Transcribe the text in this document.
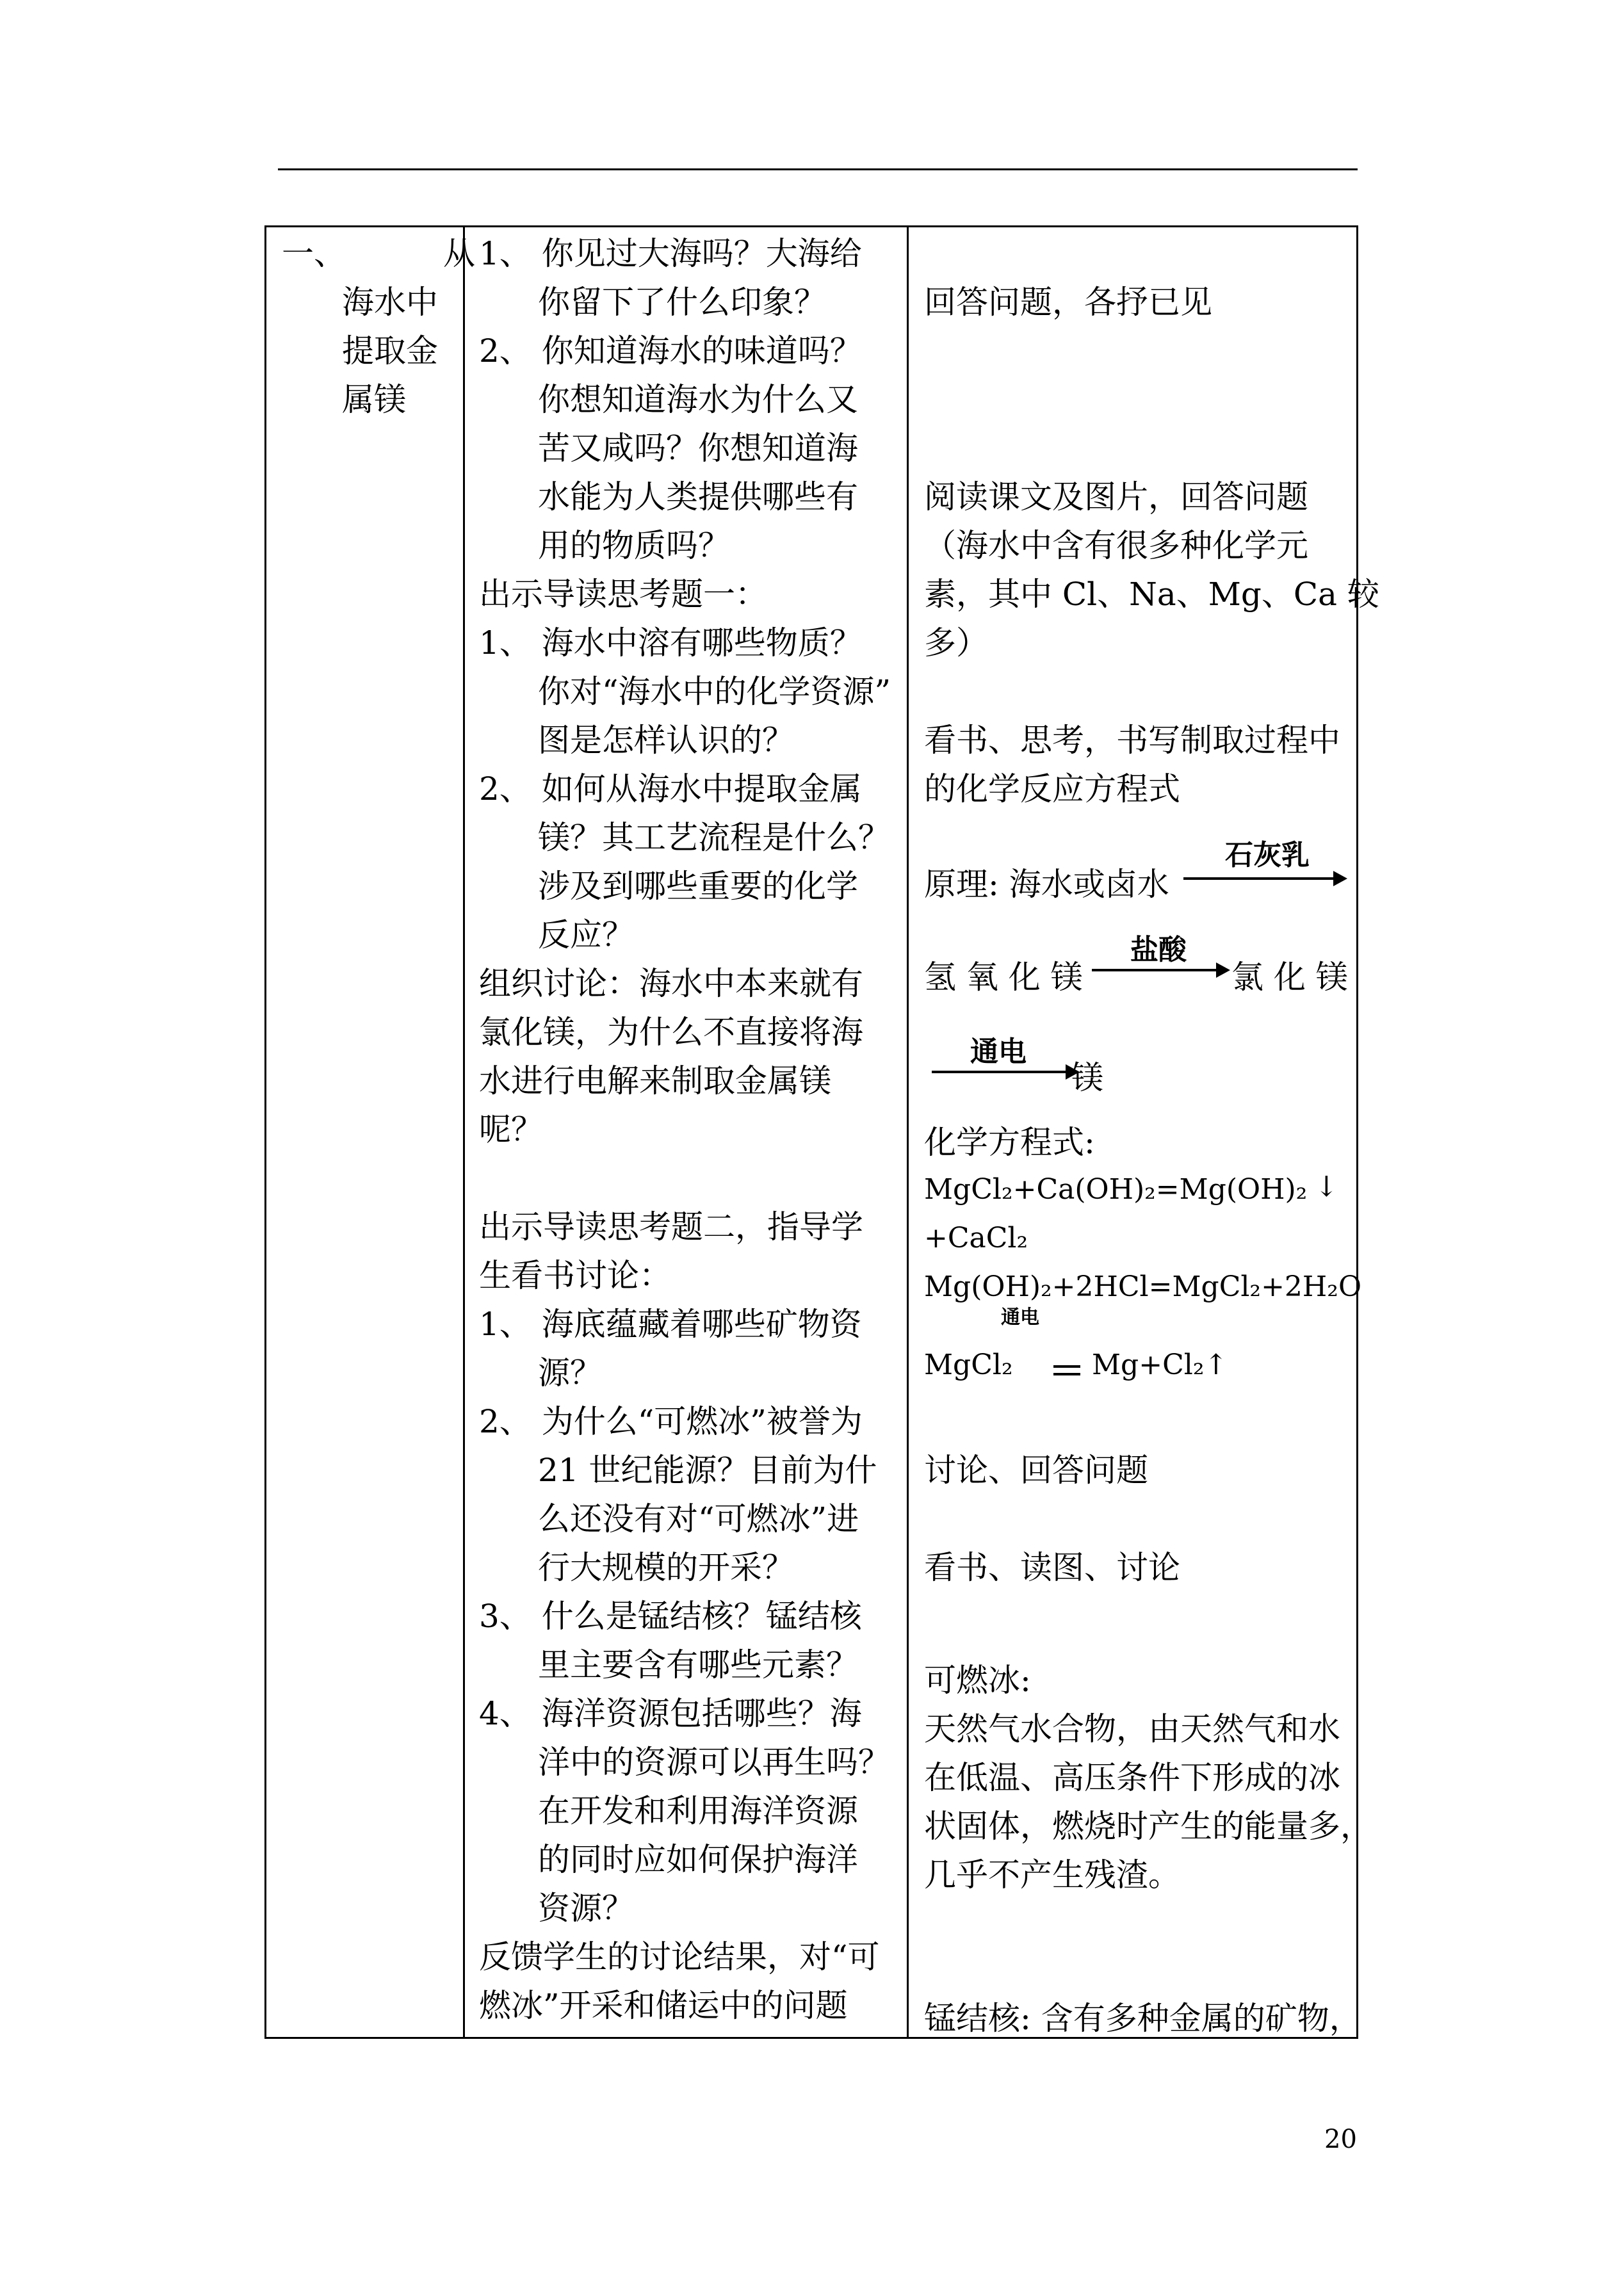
一、	从
海水中
提取金
属镁
1、 你见过大海吗？大海给
你留下了什么印象？
2、 你知道海水的味道吗？
你想知道海水为什么又
苦又咸吗？你想知道海
水能为人类提供哪些有
用的物质吗？
出示导读思考题一：
1、 海水中溶有哪些物质？
你对“海水中的化学资源”
图是怎样认识的？
2、 如何从海水中提取金属
镁？其工艺流程是什么？
涉及到哪些重要的化学
反应？
组织讨论：海水中本来就有
氯化镁，为什么不直接将海
水进行电解来制取金属镁
呢？
出示导读思考题二，指导学
生看书讨论：
1、 海底蕴藏着哪些矿物资
源？
2、 为什么“可燃冰”被誉为
21 世纪能源？目前为什
么还没有对“可燃冰”进
行大规模的开采？
3、 什么是锰结核？锰结核
里主要含有哪些元素？
4、 海洋资源包括哪些？海
洋中的资源可以再生吗？
在开发和利用海洋资源
的同时应如何保护海洋
资源？
反馈学生的讨论结果，对“可
燃冰”开采和储运中的问题
回答问题，各抒已见
阅读课文及图片，回答问题
（海水中含有很多种化学元
素，其中 Cl、Na、Mg、Ca 较
多）
看书、思考，书写制取过程中
的化学反应方程式
原理: 海水或卤水
石灰乳
氢 氧 化 镁
盐酸
氯 化 镁
通电
镁
化学方程式:
MgCl₂+Ca(OH)₂=Mg(OH)₂ ↓
+CaCl₂
Mg(OH)₂+2HCl=MgCl₂+2H₂O
通电
MgCl₂	Mg+Cl₂↑
讨论、回答问题
看书、读图、讨论
可燃冰:
天然气水合物，由天然气和水
在低温、高压条件下形成的冰
状固体，燃烧时产生的能量多，
几乎不产生残渣。
锰结核: 含有多种金属的矿物，
20
